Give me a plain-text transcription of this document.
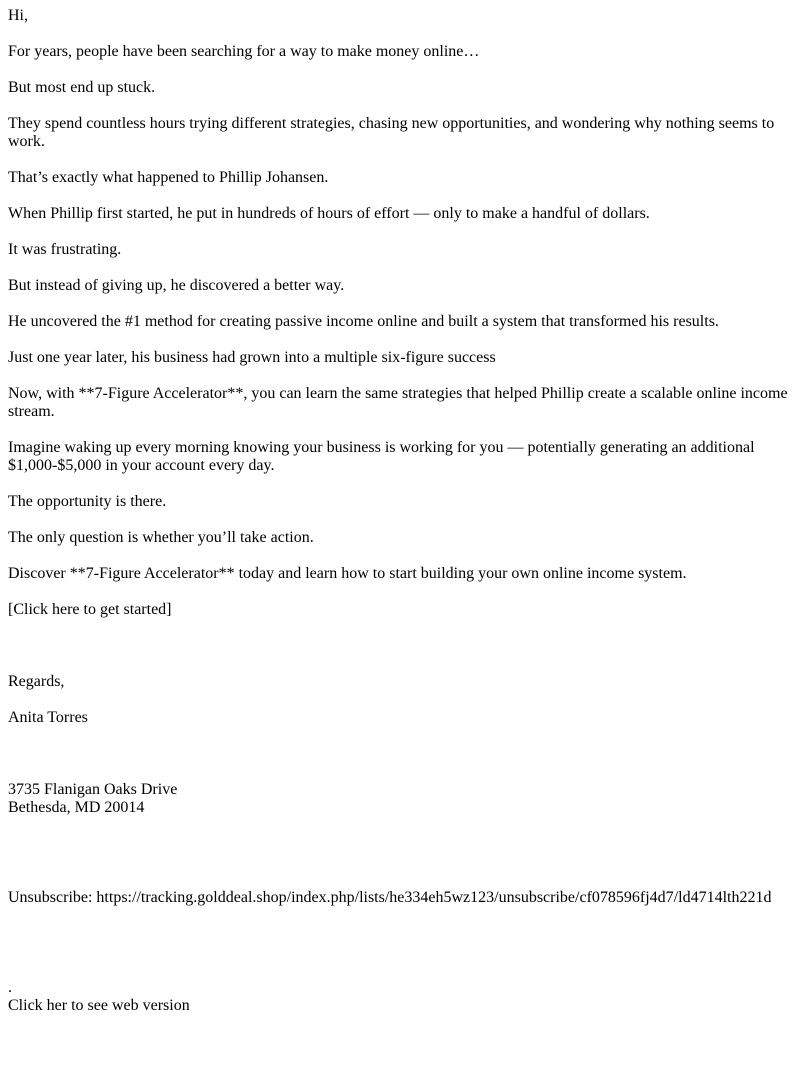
Hi,

For years, people have been searching for a way to make money online…

But most end up stuck.

They spend countless hours trying different strategies, chasing new opportunities, and wondering why nothing seems to work.

That’s exactly what happened to Phillip Johansen.

When Phillip first started, he put in hundreds of hours of effort — only to make a handful of dollars.

It was frustrating.

But instead of giving up, he discovered a better way.

He uncovered the #1 method for creating passive income online and built a system that transformed his results.

Just one year later, his business had grown into a multiple six-figure success

Now, with **7-Figure Accelerator**, you can learn the same strategies that helped Phillip create a scalable online income stream.

Imagine waking up every morning knowing your business is working for you — potentially generating an additional $1,000-$5,000 in your account every day.

The opportunity is there.

The only question is whether you’ll take action.

Discover **7-Figure Accelerator** today and learn how to start building your own online income system.

[Click here to get started]

Regards,

Anita Torres

3735 Flanigan Oaks Drive
Bethesda, MD 20014

Unsubscribe: https://tracking.golddeal.shop/index.php/lists/he334eh5wz123/unsubscribe/cf078596fj4d7/ld4714lth221d

.
Click her to see web version
